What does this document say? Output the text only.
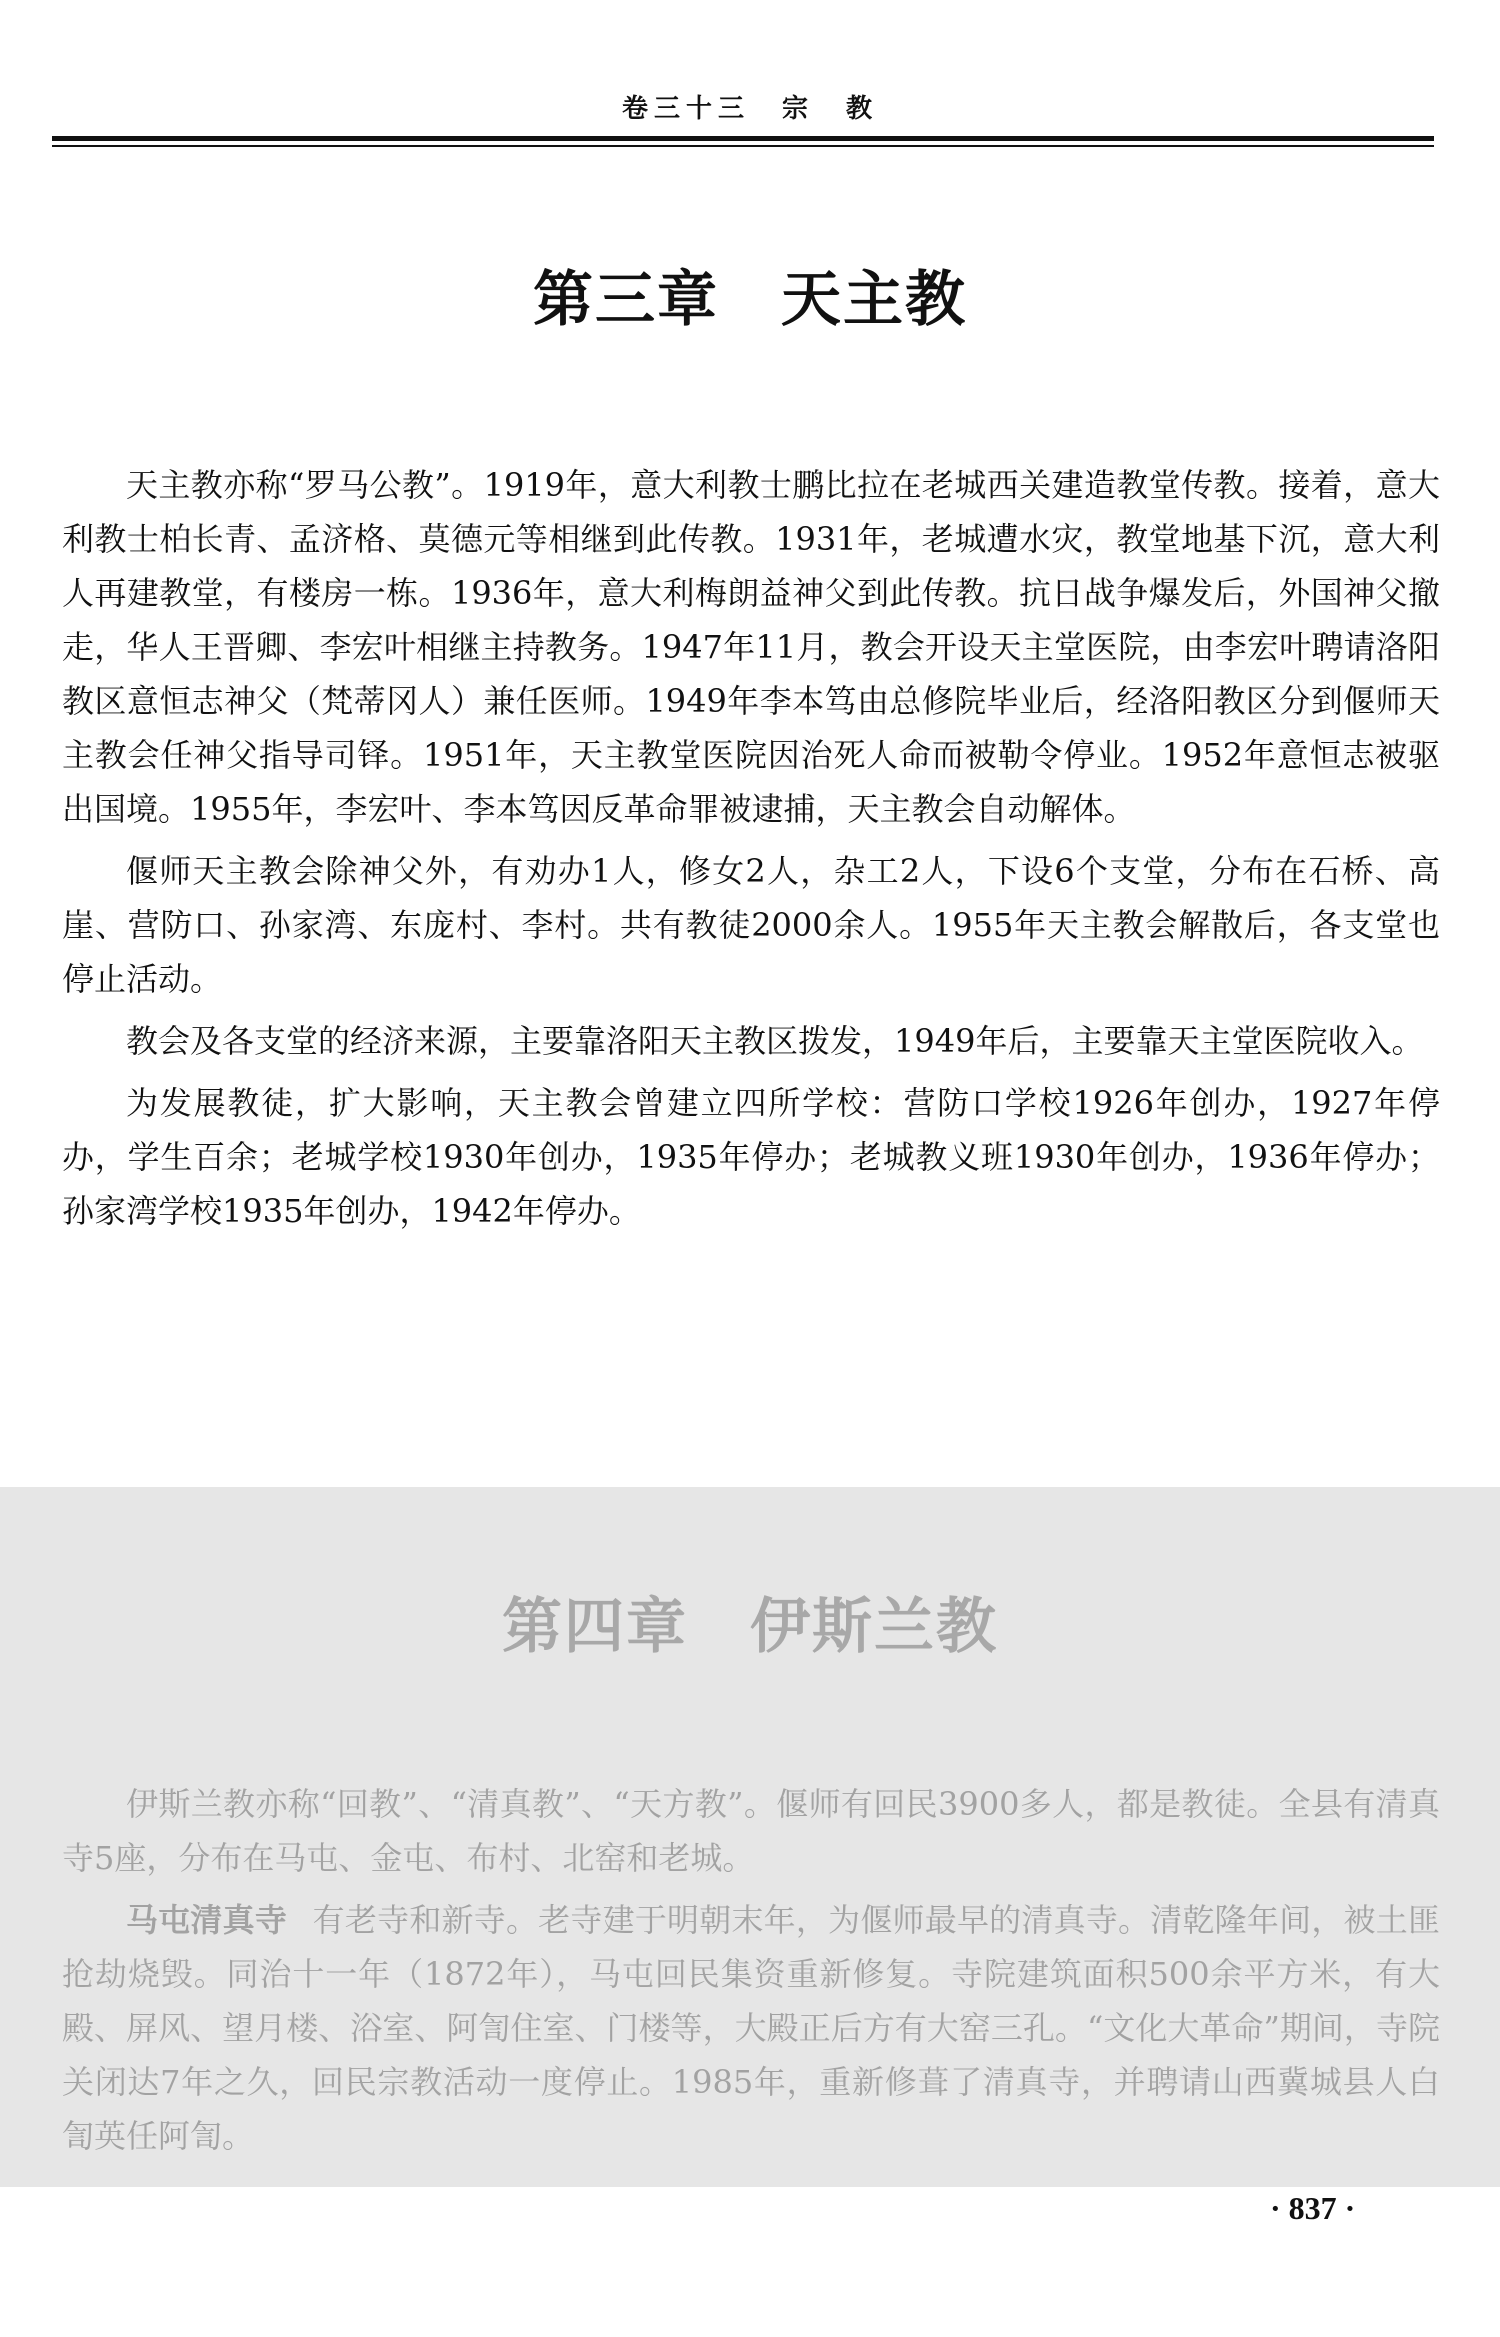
卷三十三　宗　教
第三章　天主教

天主教亦称“罗马公教”。1919年，意大利教士鹏比拉在老城西关建造教堂传教。接着，意大利教士柏长青、孟济格、莫德元等相继到此传教。1931年，老城遭水灾，教堂地基下沉，意大利人再建教堂，有楼房一栋。1936年，意大利梅朗益神父到此传教。抗日战争爆发后，外国神父撤走，华人王晋卿、李宏叶相继主持教务。1947年11月，教会开设天主堂医院，由李宏叶聘请洛阳教区意恒志神父（梵蒂冈人）兼任医师。1949年李本笃由总修院毕业后，经洛阳教区分到偃师天主教会任神父指导司铎。1951年，天主教堂医院因治死人命而被勒令停业。1952年意恒志被驱出国境。1955年，李宏叶、李本笃因反革命罪被逮捕，天主教会自动解体。

偃师天主教会除神父外，有劝办1人，修女2人，杂工2人，下设6个支堂，分布在石桥、高崖、营防口、孙家湾、东庞村、李村。共有教徒2000余人。1955年天主教会解散后，各支堂也停止活动。

教会及各支堂的经济来源，主要靠洛阳天主教区拨发，1949年后，主要靠天主堂医院收入。

为发展教徒，扩大影响，天主教会曾建立四所学校：营防口学校1926年创办，1927年停办，学生百余；老城学校1930年创办，1935年停办；老城教义班1930年创办，1936年停办；孙家湾学校1935年创办，1942年停办。

第四章　伊斯兰教

伊斯兰教亦称“回教”、“清真教”、“天方教”。偃师有回民3900多人，都是教徒。全县有清真寺5座，分布在马屯、金屯、布村、北窑和老城。

马屯清真寺 有老寺和新寺。老寺建于明朝末年，为偃师最早的清真寺。清乾隆年间，被土匪抢劫烧毁。同治十一年（1872年），马屯回民集资重新修复。寺院建筑面积500余平方米，有大殿、屏风、望月楼、浴室、阿訇住室、门楼等，大殿正后方有大窑三孔。“文化大革命”期间，寺院关闭达7年之久，回民宗教活动一度停止。1985年，重新修葺了清真寺，并聘请山西冀城县人白訇英任阿訇。

· 837 ·
